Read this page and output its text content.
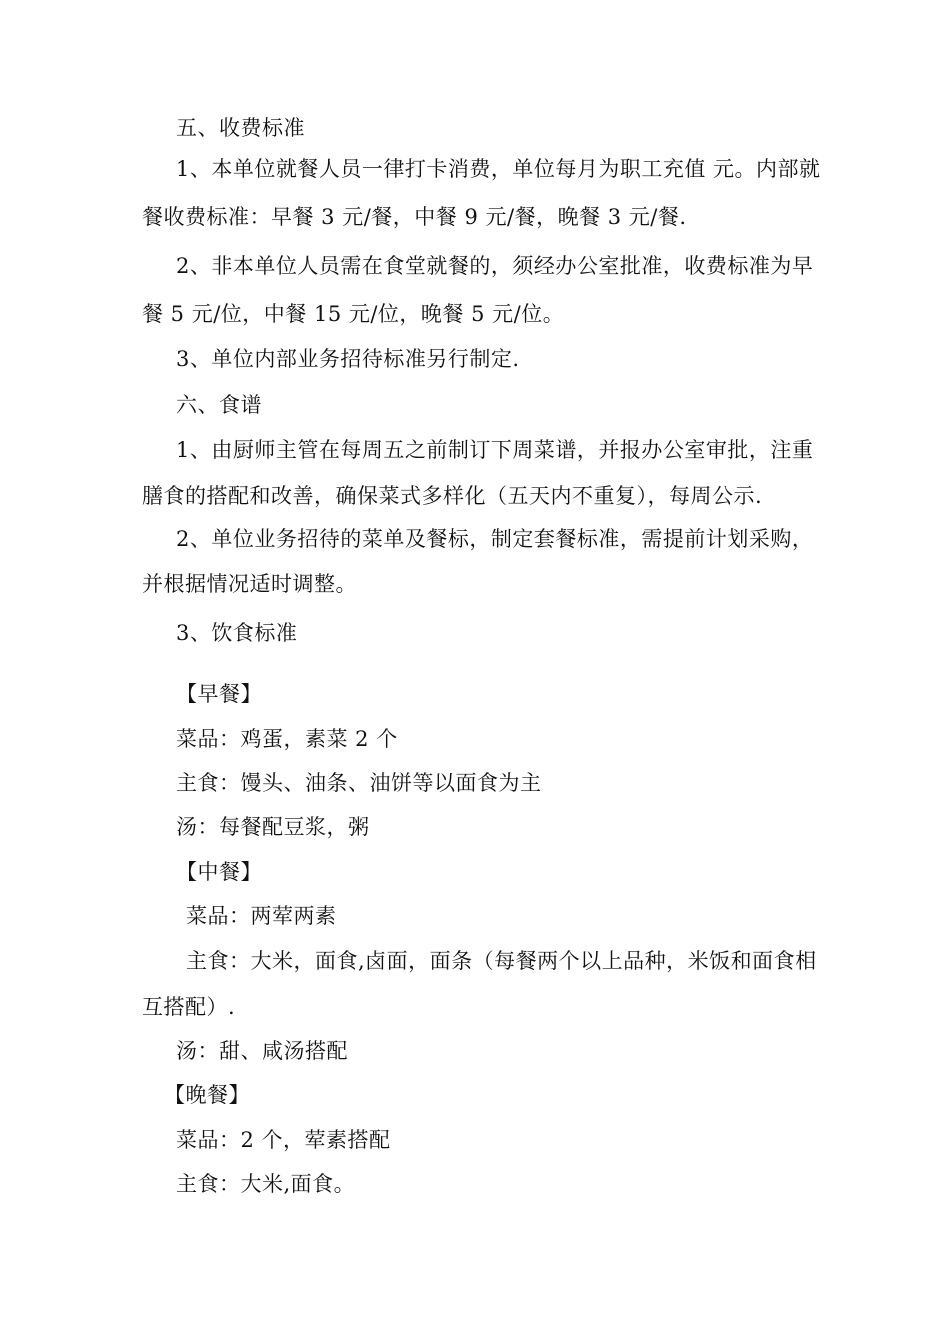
五、收费标准
1、本单位就餐人员一律打卡消费，单位每月为职工充值 元。内部就
餐收费标准：早餐 3 元/餐，中餐 9 元/餐，晚餐 3 元/餐.
2、非本单位人员需在食堂就餐的，须经办公室批准，收费标准为早
餐 5 元/位，中餐 15 元/位，晚餐 5 元/位。
3、单位内部业务招待标准另行制定.
六、食谱
1、由厨师主管在每周五之前制订下周菜谱，并报办公室审批，注重
膳食的搭配和改善，确保菜式多样化（五天内不重复），每周公示.
2、单位业务招待的菜单及餐标，制定套餐标准，需提前计划采购，
并根据情况适时调整。
3、饮食标准
【早餐】
菜品：鸡蛋，素菜 2 个
主食：馒头、油条、油饼等以面食为主
汤：每餐配豆浆，粥
【中餐】
菜品：两荤两素
主食：大米，面食,卤面，面条（每餐两个以上品种，米饭和面食相
互搭配）.
汤：甜、咸汤搭配
【晚餐】
菜品：2 个，荤素搭配
主食：大米,面食。
